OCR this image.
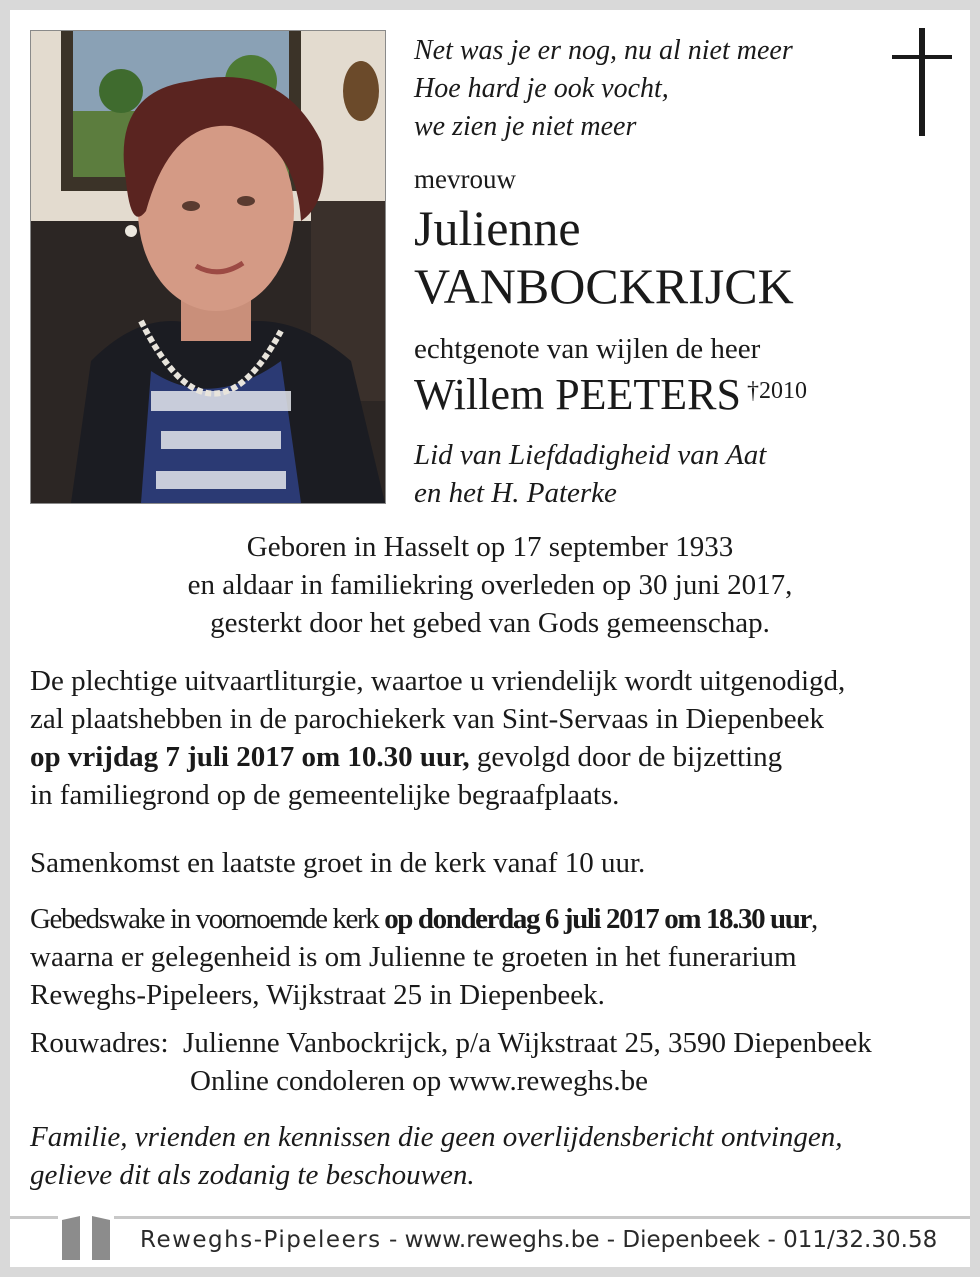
Net was je er nog, nu al niet meer
Hoe hard je ook vocht,
we zien je niet meer
mevrouw
Julienne
VANBOCKRIJCK
echtgenote van wijlen de heer
Willem PEETERS $^{\dagger 2010}$
Lid van Liefdadigheid van Aat
en het H. Paterke
Geboren in Hasselt op 17 september 1933
en aldaar in familiekring overleden op 30 juni 2017,
gesterkt door het gebed van Gods gemeenschap.
De plechtige uitvaartliturgie, waartoe u vriendelijk wordt uitgenodigd,
zal plaatshebben in de parochiekerk van Sint-Servaas in Diepenbeek
op vrijdag 7 juli 2017 om 10.30 uur, gevolgd door de bijzetting
in familiegrond op de gemeentelijke begraafplaats.
Samenkomst en laatste groet in de kerk vanaf 10 uur.
Gebedswake in voornoemde kerk op donderdag 6 juli 2017 om 18.30 uur,
waarna er gelegenheid is om Julienne te groeten in het funerarium
Reweghs-Pipeleers, Wijkstraat 25 in Diepenbeek.
Rouwadres: Julienne Vanbockrijck, p/a Wijkstraat 25, 3590 Diepenbeek
Online condoleren op www.reweghs.be
Familie, vrienden en kennissen die geen overlijdensbericht ontvingen,
gelieve dit als zodanig te beschouwen.
Reweghs-Pipeleers - www.reweghs.be - Diepenbeek - 011/32.30.58
